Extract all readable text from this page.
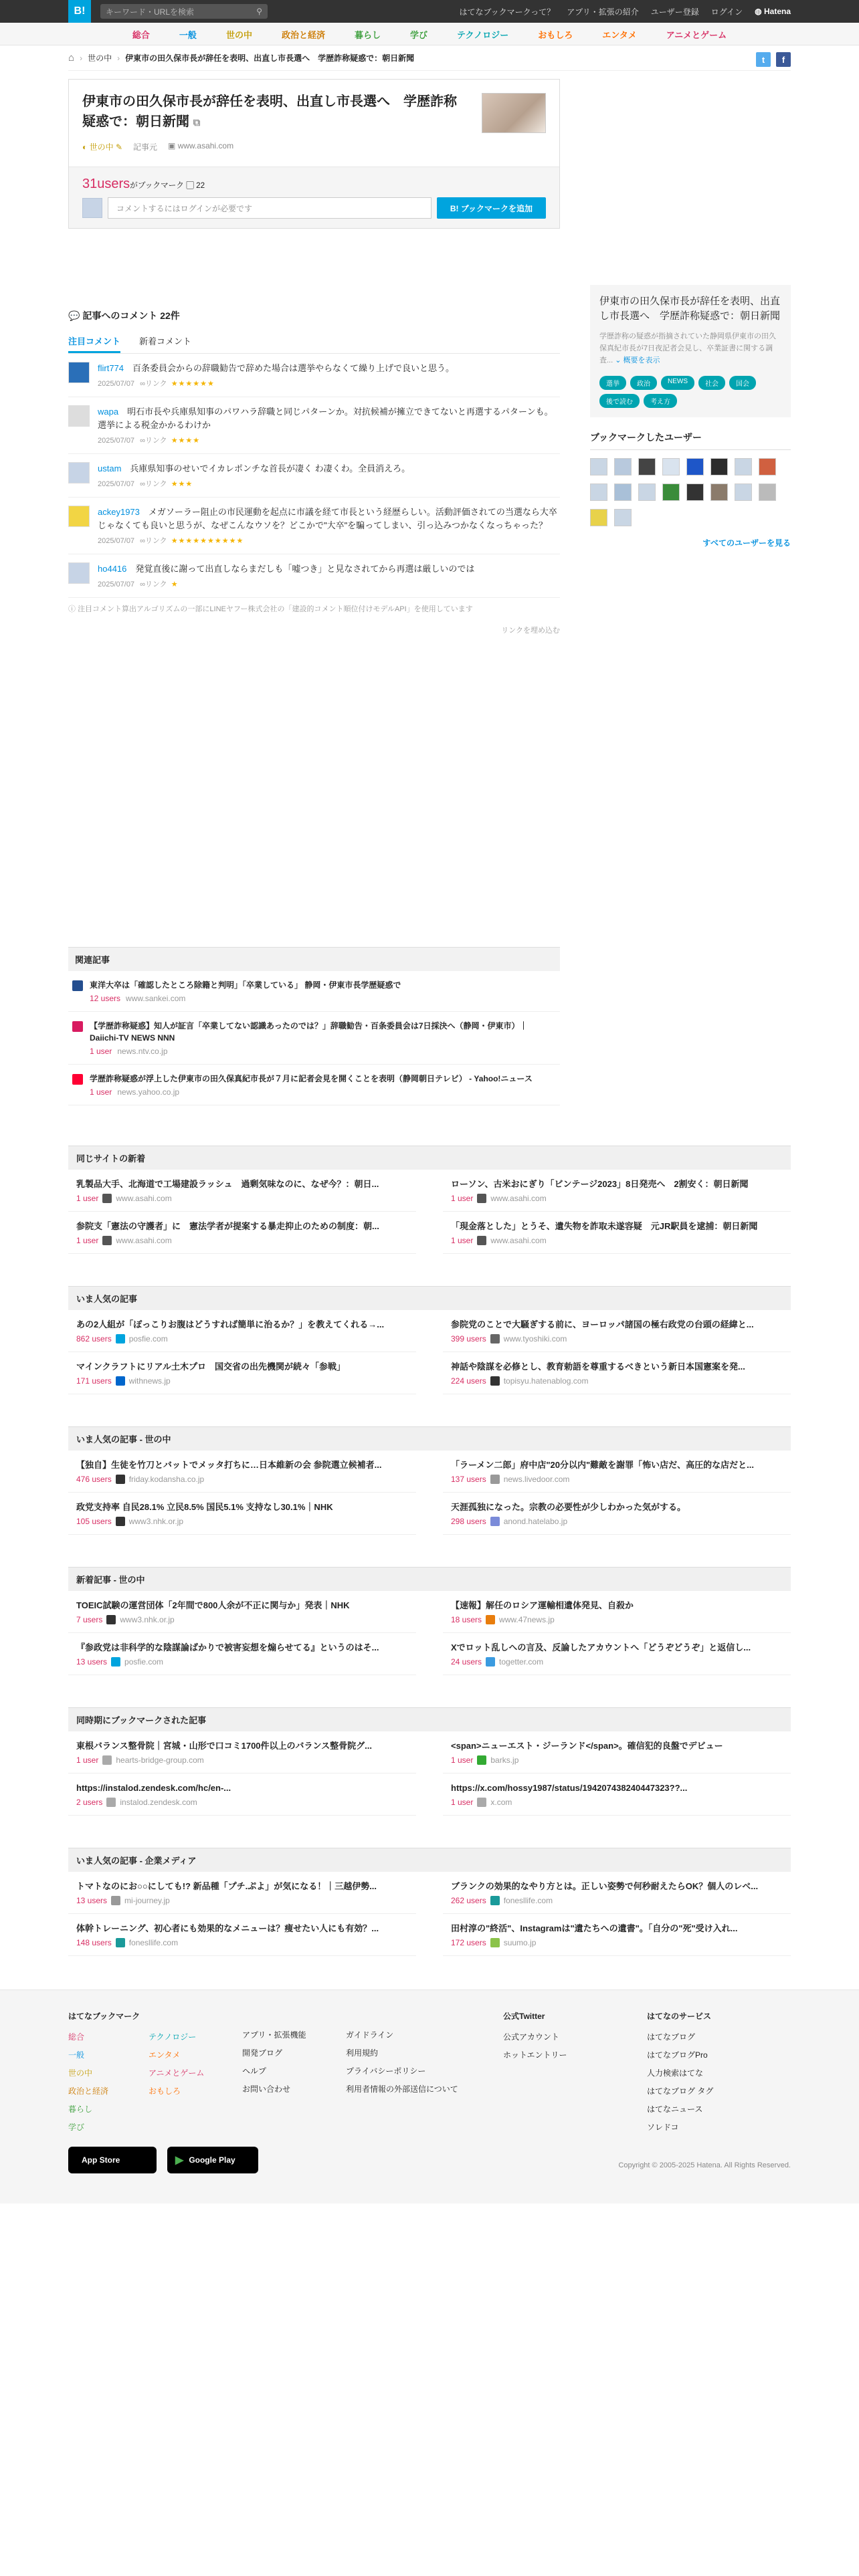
B!	キーワード・URLを検索	⚲	はてなブックマークって？ アプリ・拡張の紹介 ユーザー登録 ログイン ◍ Hatena
総合	一般	世の中	政治と経済	暮らし	学び	テクノロジー	おもしろ	エンタメ	アニメとゲーム
⌂ › 世の中 › 伊東市の田久保市長が辞任を表明、出直し市長選へ　学歴詐称疑惑で：朝日新聞	t	f
伊東市の田久保市長が辞任を表明、出直し市長選へ　学歴詐称疑惑で：朝日新聞 ⧉
◐ 世の中 ✎ 記事元 ▣ www.asahi.com
31usersがブックマーク ▢ 22
コメントするにはログインが必要です	B! ブックマークを追加
💬 記事へのコメント 22件
注目コメント 新着コメント
flirt774　 百条委員会からの辞職勧告で辞めた場合は選挙やらなくて繰り上げで良いと思う。
2025/07/07 ∞リンク ★★★★★★
wapa　 明石市長や兵庫県知事のパワハラ辞職と同じパターンか。対抗候補が擁立できてないと再選するパターンも。選挙による税金かかるわけか
2025/07/07 ∞リンク ★★★★
ustam　 兵庫県知事のせいでイカレポンチな首長が凄く わ凄くわ。全員消えろ。
2025/07/07 ∞リンク ★★★
ackey1973　 メガソーラー阻止の市民運動を起点に市議を経て市長という経歴らしい。活動評価されての当選なら大卒じゃなくても良いと思うが、なぜこんなウソを？どこかで"大卒"を騙ってしまい、引っ込みつかなくなっちゃった？
2025/07/07 ∞リンク ★★★★★★★★★★
ho4416　 発覚直後に謝って出直しならまだしも「嘘つき」と見なされてから再選は厳しいのでは
2025/07/07 ∞リンク ★
ⓘ 注目コメント算出アルゴリズムの一部にLINEヤフー株式会社の「建設的コメント順位付けモデルAPI」を使用しています
リンクを埋め込む
関連記事
東洋大卒は「確認したところ除籍と判明」「卒業している」 静岡・伊東市長学歴疑惑で
12 users www.sankei.com
【学歴詐称疑惑】知人が証言「卒業してない認識あったのでは？」辞職勧告・百条委員会は7日採決へ（静岡・伊東市）｜Daiichi-TV NEWS NNN
1 user news.ntv.co.jp
学歴詐称疑惑が浮上した伊東市の田久保真紀市長が７月に記者会見を開くことを表明（静岡朝日テレビ） - Yahoo!ニュース
1 user news.yahoo.co.jp
伊東市の田久保市長が辞任を表明、出直し市長選へ　学歴詐称疑惑で：朝日新聞

学歴詐称の疑惑が指摘されていた静岡県伊東市の田久保真紀市長が7日夜記者会見し、卒業証書に関する調査... ⌄ 概要を表示

選挙	政治	NEWS	社会	国会
後で読む	考え方
ブックマークしたユーザー
すべてのユーザーを見る
同じサイトの新着
乳製品大手、北海道で工場建設ラッシュ　過剰気味なのに、なぜ今？：朝日...
1 user www.asahi.com
ローソン、古米おにぎり「ビンテージ2023」8日発売へ　2割安く：朝日新聞
1 user www.asahi.com
参院支「憲法の守護者」に　憲法学者が提案する暴走抑止のための制度：朝...
1 user www.asahi.com
「現金落とした」とうそ、遺失物を詐取未遂容疑　元JR駅員を逮捕：朝日新聞
1 user www.asahi.com
いま人気の記事
あの2人組が「ぽっこりお腹はどうすれば簡単に治るか？」を教えてくれる→...
862 users posfie.com
参院党のことで大騒ぎする前に、ヨーロッパ諸国の極右政党の台頭の経緯と...
399 users www.tyoshiki.com
マインクラフトにリアル土木プロ　国交省の出先機関が続々「参戦」
171 users withnews.jp
神話や陰謀を必修とし、教育勅語を尊重するべきという新日本国憲案を発...
224 users topisyu.hatenablog.com
いま人気の記事 - 世の中
【独自】生徒を竹刀とバットでメッタ打ちに…日本維新の会 参院選立候補者...
476 users friday.kodansha.co.jp
「ラーメン二郎」府中店"20分以内"難敵を謝罪「怖い店だ、高圧的な店だと...
137 users news.livedoor.com
政党支持率 自民28.1% 立民8.5% 国民5.1% 支持なし30.1%｜NHK
105 users www3.nhk.or.jp
天涯孤独になった。宗教の必要性が少しわかった気がする。
298 users anond.hatelabo.jp
新着記事 - 世の中
TOEIC試験の運営団体「2年間で800人余が不正に関与か」発表｜NHK
7 users www3.nhk.or.jp
【速報】解任のロシア運輸相遺体発見、自殺か
18 users www.47news.jp
『参政党は非科学的な陰謀論ばかりで被害妄想を煽らせてる』というのはそ...
13 users posfie.com
Xでロット乱しへの言及、反論したアカウントへ「どうぞどうぞ」と返信し...
24 users togetter.com
同時期にブックマークされた記事
東根バランス整骨院｜宮城・山形で口コミ1700件以上のバランス整骨院グ...
1 user hearts-bridge-group.com
<span>ニューエスト・ジーランド</span>。確信犯的良盤でデビュー
1 user barks.jp
https://instalod.zendesk.com/hc/en-...
2 users instalod.zendesk.com
https://x.com/hossy1987/status/194207438240447323??...
1 user x.com
いま人気の記事 - 企業メディア
トマトなのにお○○にしても!? 新品種「プチ.ぷよ」が気になる！｜三越伊勢...
13 users mi-journey.jp
ブランクの効果的なやり方とは。正しい姿勢で何秒耐えたらOK？個人のレベ...
262 users fonesllife.com
体幹トレーニング、初心者にも効果的なメニューは？痩せたい人にも有効？...
148 users fonesllife.com
田村淳の"終活"、Instagramは"遺たちへの遺書"。「自分の"死"受け入れ...
172 users suumo.jp
はてなブックマーク
総合
一般
世の中
政治と経済
暮らし
学び
テクノロジー
エンタメ
アニメとゲーム
おもしろ
アプリ・拡張機能
開発ブログ
ヘルプ
お問い合わせ
ガイドライン
利用規約
プライバシーポリシー
利用者情報の外部送信について
公式Twitter
公式アカウント
ホットエントリー
はてなのサービス
はてなブログ
はてなブログPro
人力検索はてな
はてなブログ タグ
はてなニュース
ソレドコ
App Store	▶ Google Play
Copyright © 2005-2025 Hatena. All Rights Reserved.
